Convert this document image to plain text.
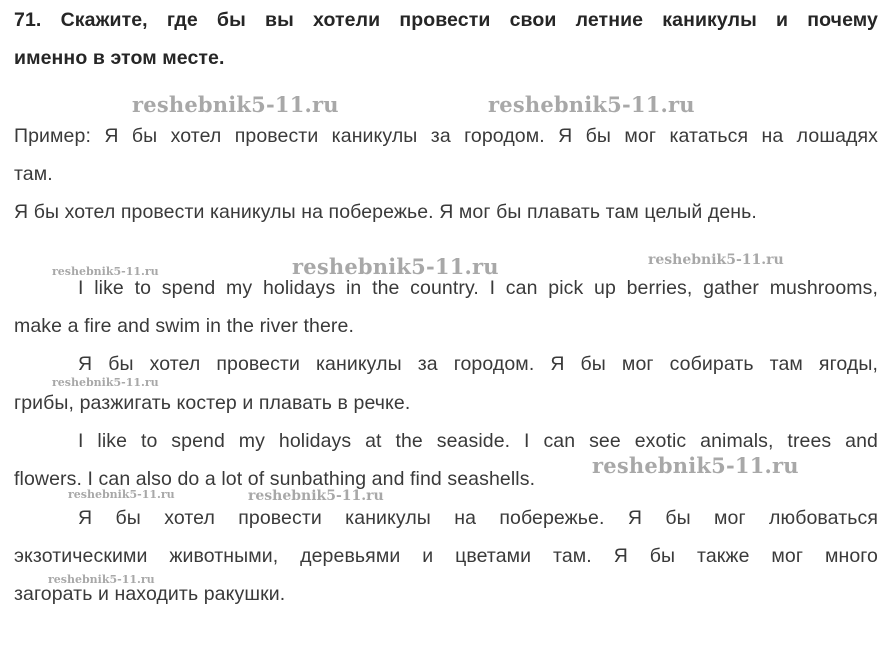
71. Скажите, где бы вы хотели провести свои летние каникулы и почему
именно в этом месте.
Пример: Я бы хотел провести каникулы за городом. Я бы мог кататься на лошадях
там.
Я бы хотел провести каникулы на побережье. Я мог бы плавать там целый день.
I like to spend my holidays in the country. I can pick up berries, gather mushrooms,
make a fire and swim in the river there.
Я бы хотел провести каникулы за городом. Я бы мог собирать там ягоды,
грибы, разжигать костер и плавать в речке.
I like to spend my holidays at the seaside. I can see exotic animals, trees and
flowers. I can also do a lot of sunbathing and find seashells.
Я бы хотел провести каникулы на побережье. Я бы мог любоваться
экзотическими животными, деревьями и цветами там. Я бы также мог много
загорать и находить ракушки.
reshebnik5-11.ru	reshebnik5-11.ru
reshebnik5-11.ru	reshebnik5-11.ru	reshebnik5-11.ru
reshebnik5-11.ru
reshebnik5-11.ru
reshebnik5-11.ru	reshebnik5-11.ru
reshebnik5-11.ru
